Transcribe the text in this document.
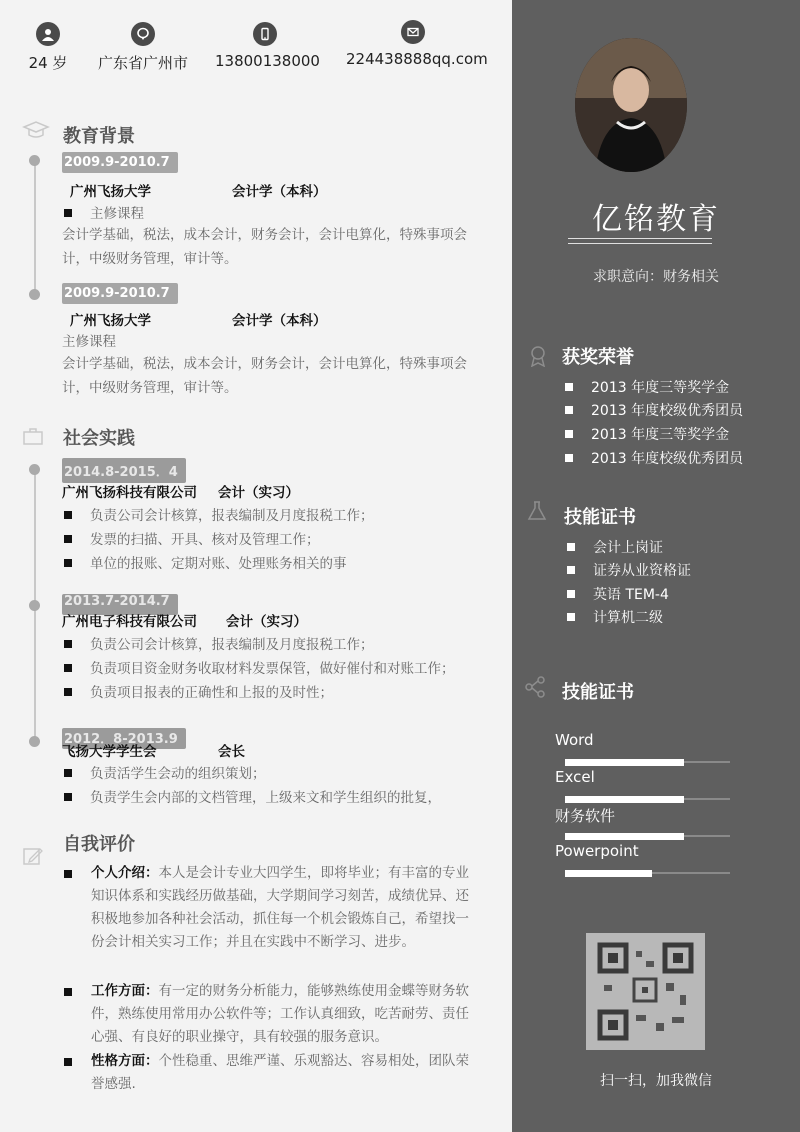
24 岁 广东省广州市 13800138000 224438888qq.com
教育背景
2009.9-2010.7
广州飞扬大学	会计学（本科）
主修课程
会计学基础，税法，成本会计，财务会计，会计电算化，特殊事项会计，中级财务管理，审计等。
2009.9-2010.7
广州飞扬大学	会计学（本科）
主修课程
会计学基础，税法，成本会计，财务会计，会计电算化，特殊事项会计，中级财务管理，审计等。
社会实践
2014.8-2015．4
广州飞扬科技有限公司 会计（实习）
负责公司会计核算，报表编制及月度报税工作；
发票的扫描、开具、核对及管理工作；
单位的报账、定期对账、处理账务相关的事
2013.7-2014.7
广州电子科技有限公司 会计（实习）
负责公司会计核算，报表编制及月度报税工作；
负责项目资金财务收取材料发票保管，做好催付和对账工作；
负责项目报表的正确性和上报的及时性；
2012．8-2013.9
飞扬大学学生会	会长
负责活学生会动的组织策划；
负责学生会内部的文档管理，上级来文和学生组织的批复，
自我评价
个人介绍：本人是会计专业大四学生，即将毕业；有丰富的专业知识体系和实践经历做基础，大学期间学习刻苦，成绩优异、还积极地参加各种社会活动，抓住每一个机会锻炼自己，希望找一份会计相关实习工作；并且在实践中不断学习、进步。
工作方面：有一定的财务分析能力，能够熟练使用金蝶等财务软件，熟练使用常用办公软件等；工作认真细致，吃苦耐劳、责任心强、有良好的职业操守，具有较强的服务意识。
性格方面：个性稳重、思维严谨、乐观豁达、容易相处，团队荣誉感强.
亿铭教育
求职意向：财务相关
获奖荣誉
2013 年度三等奖学金
2013 年度校级优秀团员
2013 年度三等奖学金
2013 年度校级优秀团员
技能证书
会计上岗证
证券从业资格证
英语 TEM-4
计算机二级
技能证书
Word
Excel
财务软件
Powerpoint
扫一扫，加我微信
